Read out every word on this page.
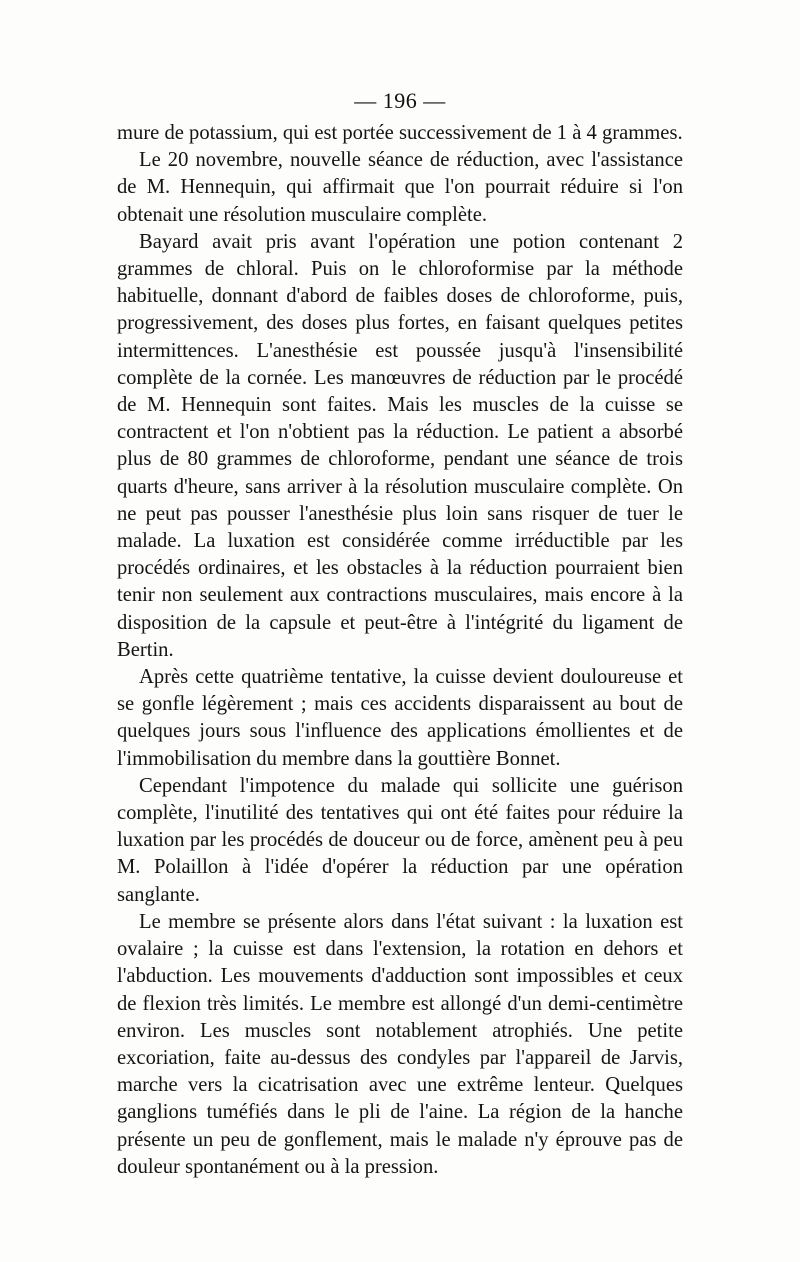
— 196 —

mure de potassium, qui est portée successivement de 1 à 4 grammes.

Le 20 novembre, nouvelle séance de réduction, avec l'assistance de M. Hennequin, qui affirmait que l'on pourrait réduire si l'on obtenait une résolution musculaire complète.

Bayard avait pris avant l'opération une potion contenant 2 grammes de chloral. Puis on le chloroformise par la méthode habituelle, donnant d'abord de faibles doses de chloroforme, puis, progressivement, des doses plus fortes, en faisant quelques petites intermittences. L'anesthésie est poussée jusqu'à l'insensibilité complète de la cornée. Les manœuvres de réduction par le procédé de M. Hennequin sont faites. Mais les muscles de la cuisse se contractent et l'on n'obtient pas la réduction. Le patient a absorbé plus de 80 grammes de chloroforme, pendant une séance de trois quarts d'heure, sans arriver à la résolution musculaire complète. On ne peut pas pousser l'anesthésie plus loin sans risquer de tuer le malade. La luxation est considérée comme irréductible par les procédés ordinaires, et les obstacles à la réduction pourraient bien tenir non seulement aux contractions musculaires, mais encore à la disposition de la capsule et peut-être à l'intégrité du ligament de Bertin.

Après cette quatrième tentative, la cuisse devient douloureuse et se gonfle légèrement ; mais ces accidents disparaissent au bout de quelques jours sous l'influence des applications émollientes et de l'immobilisation du membre dans la gouttière Bonnet.

Cependant l'impotence du malade qui sollicite une guérison complète, l'inutilité des tentatives qui ont été faites pour réduire la luxation par les procédés de douceur ou de force, amènent peu à peu M. Polaillon à l'idée d'opérer la réduction par une opération sanglante.

Le membre se présente alors dans l'état suivant : la luxation est ovalaire ; la cuisse est dans l'extension, la rotation en dehors et l'abduction. Les mouvements d'adduction sont impossibles et ceux de flexion très limités. Le membre est allongé d'un demi-centimètre environ. Les muscles sont notablement atrophiés. Une petite excoriation, faite au-dessus des condyles par l'appareil de Jarvis, marche vers la cicatrisation avec une extrême lenteur. Quelques ganglions tuméfiés dans le pli de l'aine. La région de la hanche présente un peu de gonflement, mais le malade n'y éprouve pas de douleur spontanément ou à la pression.
